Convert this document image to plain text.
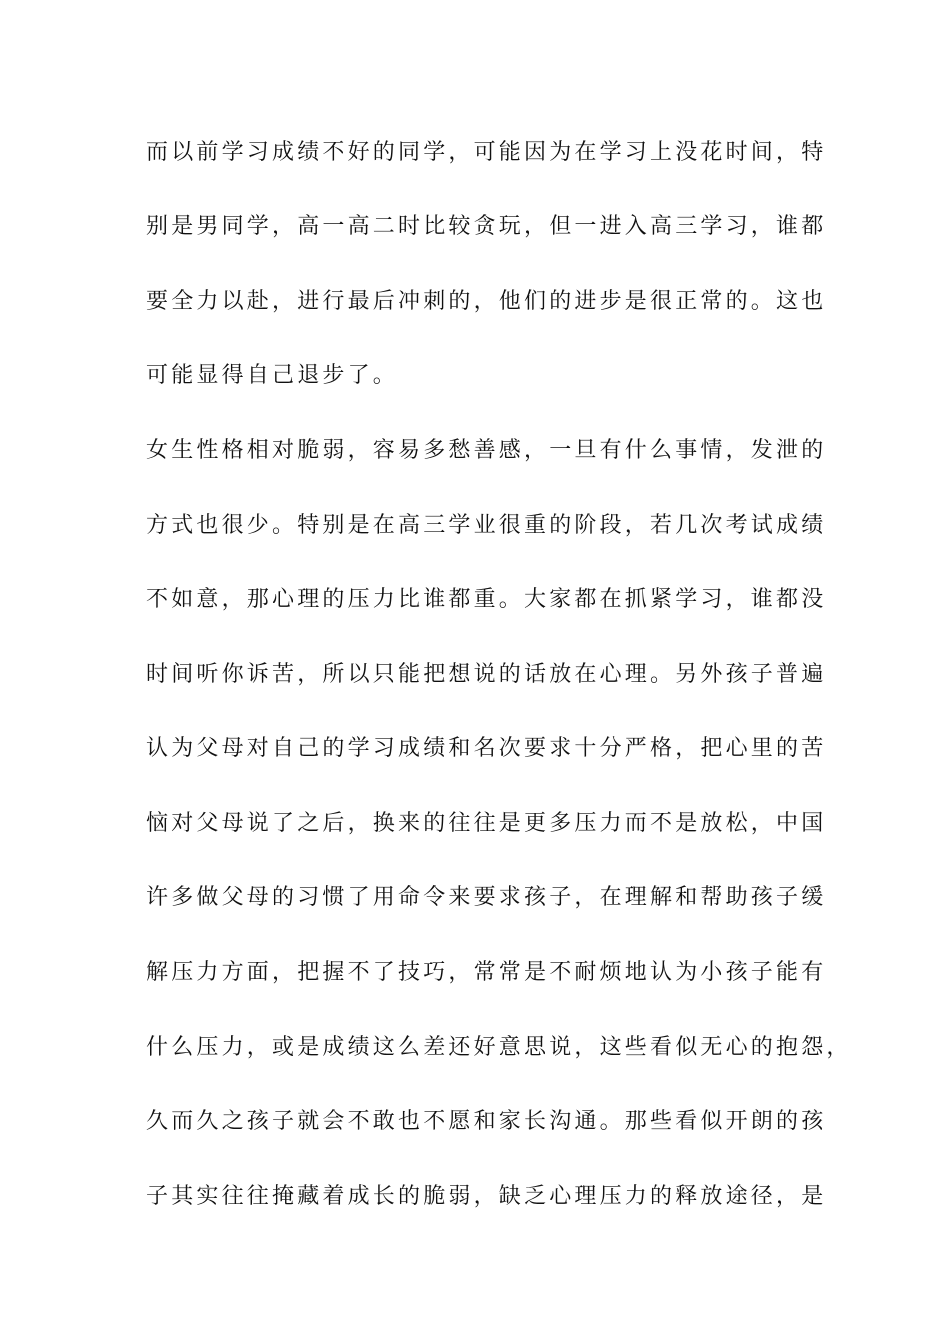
而以前学习成绩不好的同学，可能因为在学习上没花时间，特
别是男同学，高一高二时比较贪玩，但一进入高三学习，谁都
要全力以赴，进行最后冲刺的，他们的进步是很正常的。这也
可能显得自己退步了。
女生性格相对脆弱，容易多愁善感，一旦有什么事情，发泄的
方式也很少。特别是在高三学业很重的阶段，若几次考试成绩
不如意，那心理的压力比谁都重。大家都在抓紧学习，谁都没
时间听你诉苦，所以只能把想说的话放在心理。另外孩子普遍
认为父母对自己的学习成绩和名次要求十分严格，把心里的苦
恼对父母说了之后，换来的往往是更多压力而不是放松，中国
许多做父母的习惯了用命令来要求孩子，在理解和帮助孩子缓
解压力方面，把握不了技巧，常常是不耐烦地认为小孩子能有
什么压力，或是成绩这么差还好意思说，这些看似无心的抱怨，
久而久之孩子就会不敢也不愿和家长沟通。那些看似开朗的孩
子其实往往掩藏着成长的脆弱，缺乏心理压力的释放途径，是
